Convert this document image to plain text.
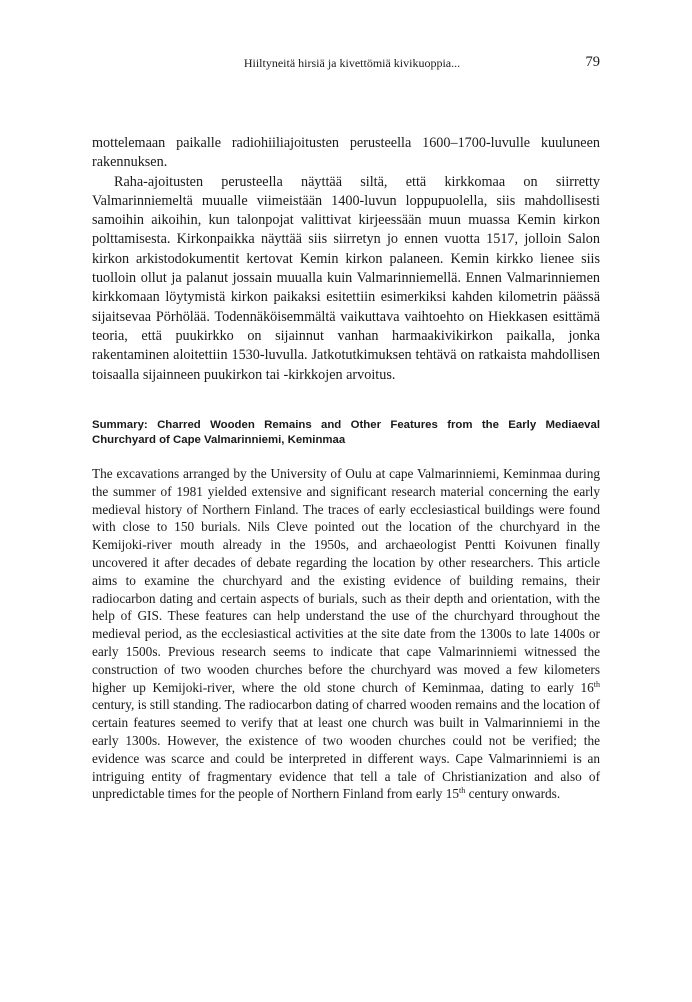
Hiiltyneitä hirsiä ja kivettömiä kivikuoppia...	79

mottelemaan paikalle radiohiiliajoitusten perusteella 1600–1700-luvulle kuuluneen rakennuksen.

Raha-ajoitusten perusteella näyttää siltä, että kirkkomaa on siirretty Valmarinniemeltä muualle viimeistään 1400-luvun loppupuolella, siis mahdollisesti samoihin aikoihin, kun talonpojat valittivat kirjeessään muun muassa Kemin kirkon polttamisesta. Kirkonpaikka näyttää siis siirretyn jo ennen vuotta 1517, jolloin Salon kirkon arkistodokumentit kertovat Kemin kirkon palaneen. Kemin kirkko lienee siis tuolloin ollut ja palanut jossain muualla kuin Valmarinniemellä. Ennen Valmarinniemen kirkkomaan löytymistä kirkon paikaksi esitettiin esimerkiksi kahden kilometrin päässä sijaitsevaa Pörhölää. Todennäköisemmältä vaikuttava vaihtoehto on Hiekkasen esittämä teoria, että puukirkko on sijainnut vanhan harmaakivikirkon paikalla, jonka rakentaminen aloitettiin 1530-luvulla. Jatkotutkimuksen tehtävä on ratkaista mahdollisen toisaalla sijainneen puukirkon tai -kirkkojen arvoitus.

Summary: Charred Wooden Remains and Other Features from the Early Mediaeval
Churchyard of Cape Valmarinniemi, Keminmaa

The excavations arranged by the University of Oulu at cape Valmarinniemi, Keminmaa during the summer of 1981 yielded extensive and significant research material concerning the early medieval history of Northern Finland. The traces of early ecclesiastical buildings were found with close to 150 burials. Nils Cleve pointed out the location of the churchyard in the Kemijoki-river mouth already in the 1950s, and archaeologist Pentti Koivunen finally uncovered it after decades of debate regarding the location by other researchers. This article aims to examine the churchyard and the existing evidence of building remains, their radiocarbon dating and certain aspects of burials, such as their depth and orientation, with the help of GIS. These features can help understand the use of the churchyard throughout the medieval period, as the ecclesiastical activities at the site date from the 1300s to late 1400s or early 1500s. Previous research seems to indicate that cape Valmarinniemi witnessed the construction of two wooden churches before the churchyard was moved a few kilometers higher up Kemijoki-river, where the old stone church of Keminmaa, dating to early 16th century, is still standing. The radiocarbon dating of charred wooden remains and the location of certain features seemed to verify that at least one church was built in Valmarinniemi in the early 1300s. However, the existence of two wooden churches could not be verified; the evidence was scarce and could be interpreted in different ways. Cape Valmarinniemi is an intriguing entity of fragmentary evidence that tell a tale of Christianization and also of unpredictable times for the people of Northern Finland from early 15th century onwards.
